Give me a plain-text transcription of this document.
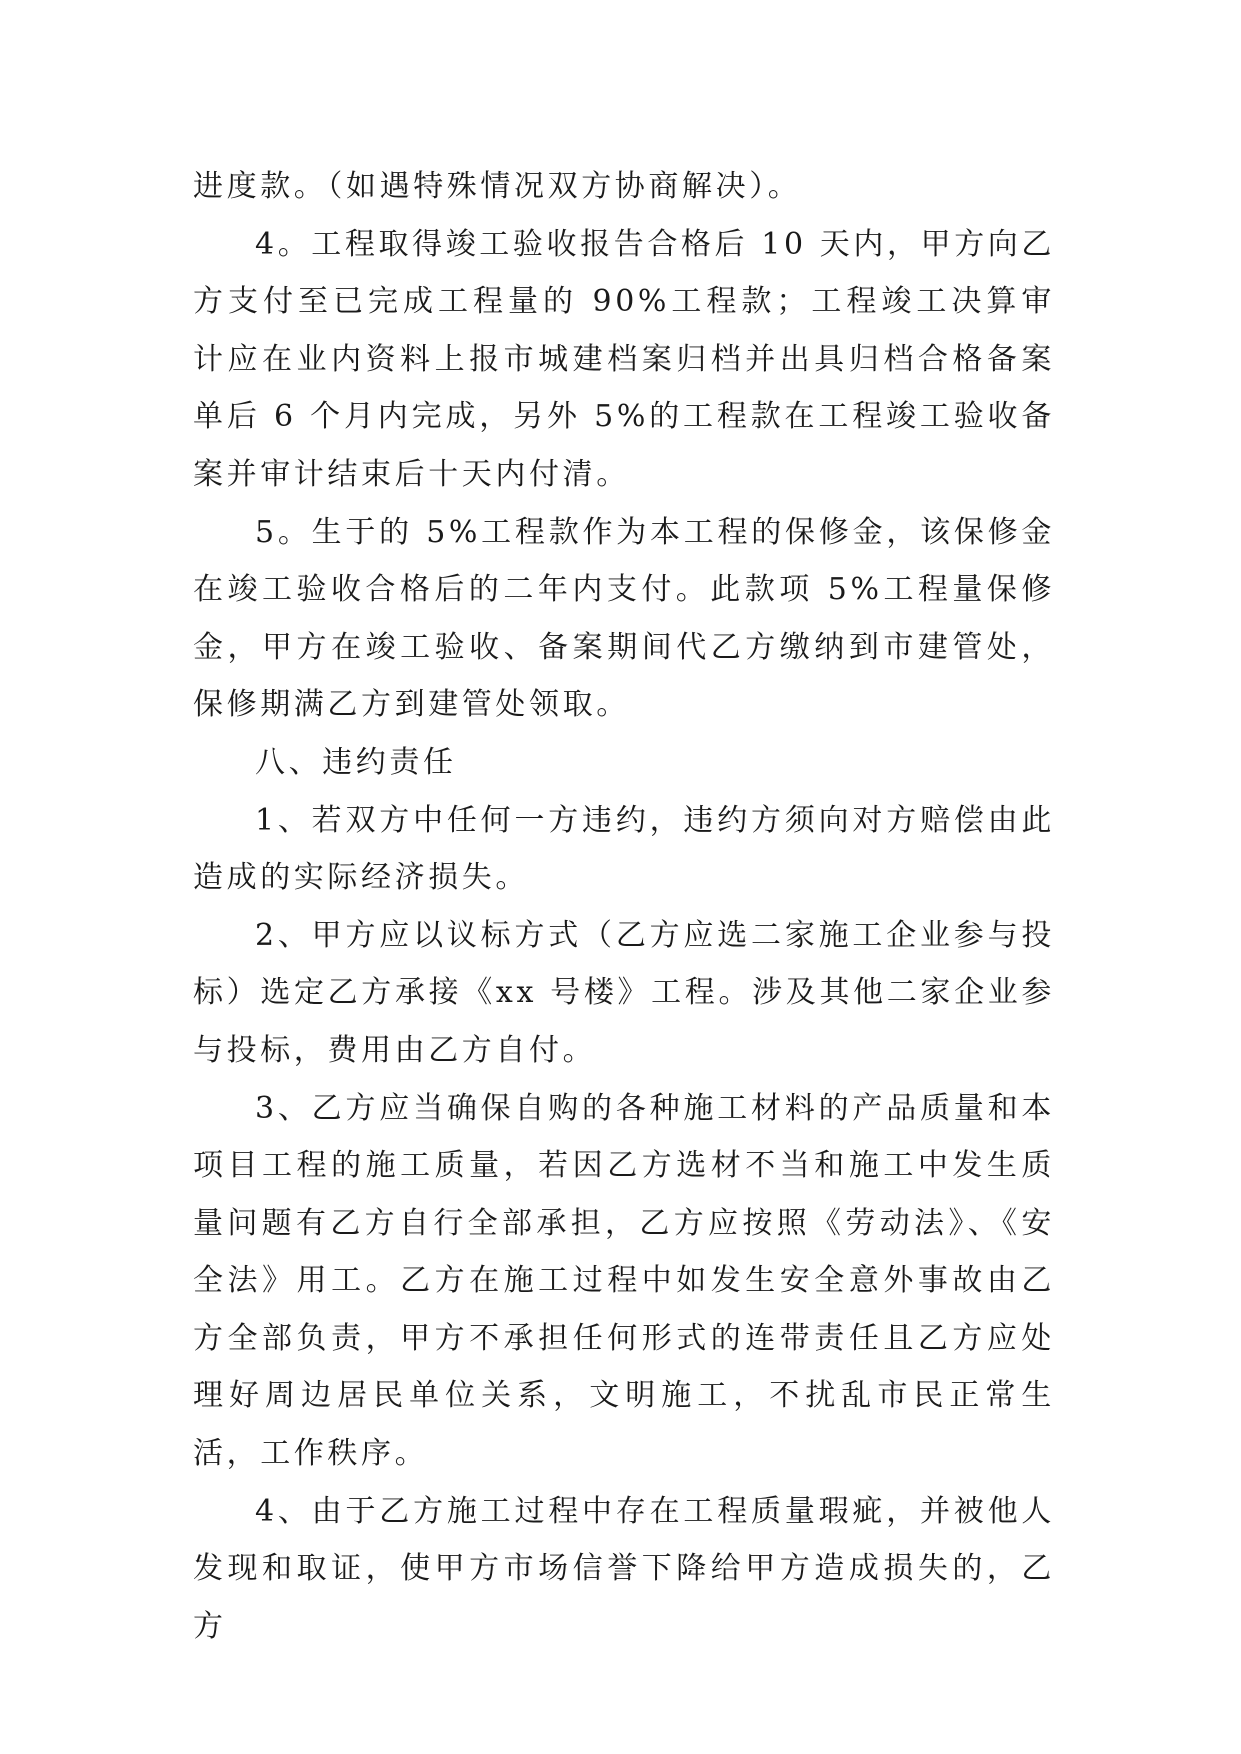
进度款。（如遇特殊情况双方协商解决）。

4。工程取得竣工验收报告合格后 10 天内，甲方向乙方支付至已完成工程量的 90%工程款；工程竣工决算审计应在业内资料上报市城建档案归档并出具归档合格备案单后 6 个月内完成，另外 5%的工程款在工程竣工验收备案并审计结束后十天内付清。

5。生于的 5%工程款作为本工程的保修金，该保修金在竣工验收合格后的二年内支付。此款项 5%工程量保修金，甲方在竣工验收、备案期间代乙方缴纳到市建管处，保修期满乙方到建管处领取。

八、违约责任

1、若双方中任何一方违约，违约方须向对方赔偿由此造成的实际经济损失。

2、甲方应以议标方式（乙方应选二家施工企业参与投标）选定乙方承接《xx 号楼》工程。涉及其他二家企业参与投标，费用由乙方自付。

3、乙方应当确保自购的各种施工材料的产品质量和本项目工程的施工质量，若因乙方选材不当和施工中发生质量问题有乙方自行全部承担，乙方应按照《劳动法》、《安全法》用工。乙方在施工过程中如发生安全意外事故由乙方全部负责，甲方不承担任何形式的连带责任且乙方应处理好周边居民单位关系，文明施工，不扰乱市民正常生活，工作秩序。

4、由于乙方施工过程中存在工程质量瑕疵，并被他人发现和取证，使甲方市场信誉下降给甲方造成损失的，乙方
